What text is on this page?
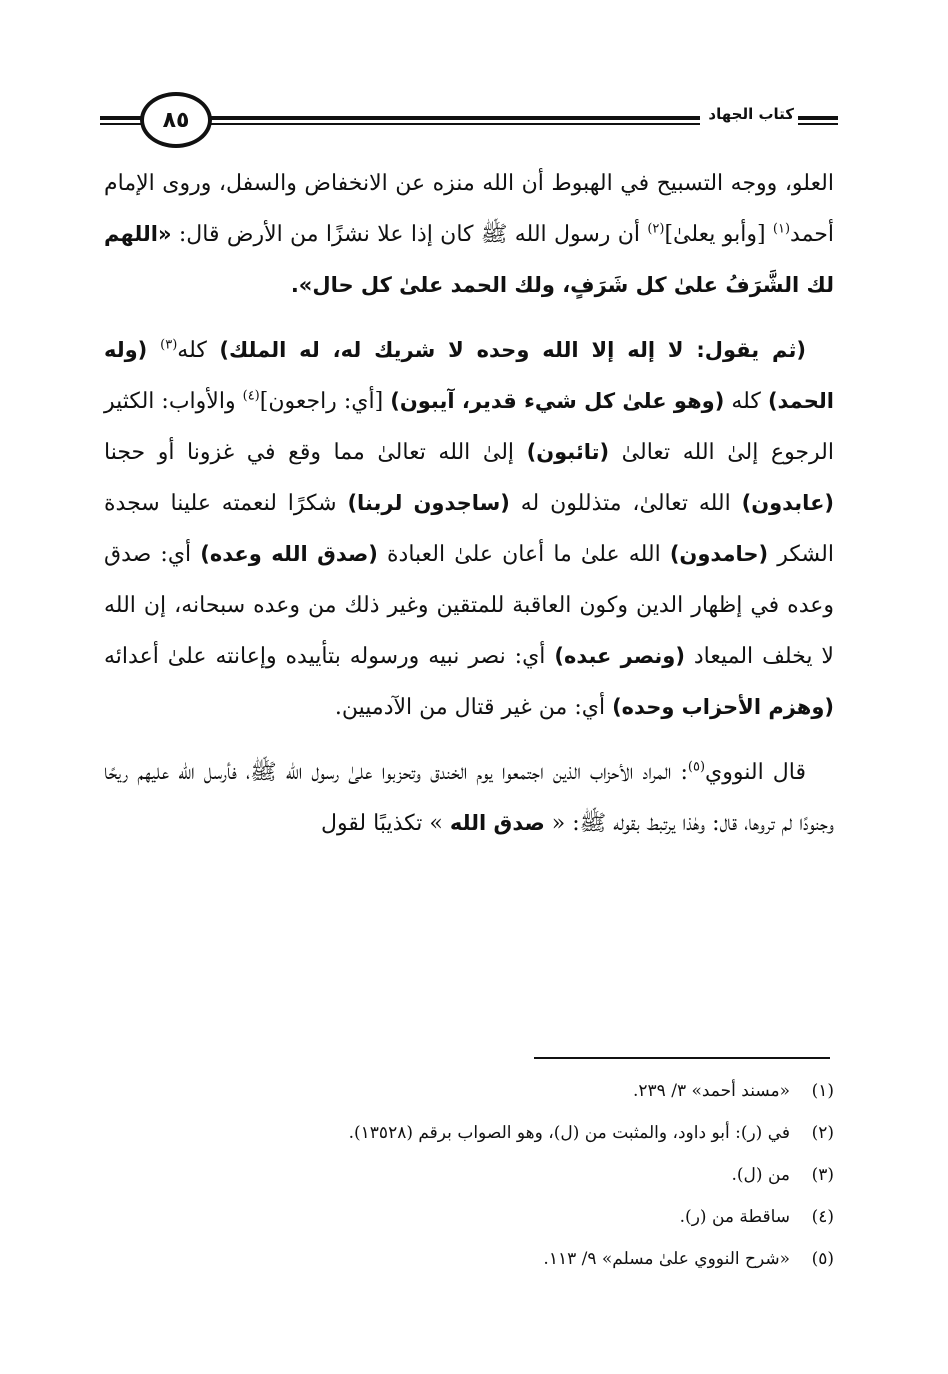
٨٥	كتاب الجهاد

العلو، ووجه التسبيح في الهبوط أن الله منزه عن الانخفاض والسفل، وروى الإمام أحمد$^{(١)}$ [وأبو يعلىٰ]$^{(٢)}$ أن رسول الله ﷺ كان إذا علا نشزًا من الأرض قال: «اللهم لك الشَّرَفُ علىٰ كل شَرَفٍ، ولك الحمد علىٰ كل حال».

(ثم يقول: لا إله إلا الله وحده لا شريك له، له الملك) كله$^{(٣)}$ (وله الحمد) كله (وهو علىٰ كل شيء قدير، آيبون) [أي: راجعون]$^{(٤)}$ والأواب: الكثير الرجوع إلىٰ الله تعالىٰ (تائبون) إلىٰ الله تعالىٰ مما وقع في غزونا أو حجنا (عابدون) الله تعالىٰ، متذللون له (ساجدون لربنا) شكرًا لنعمته علينا سجدة الشكر (حامدون) الله علىٰ ما أعان علىٰ العبادة (صدق الله وعده) أي: صدق وعده في إظهار الدين وكون العاقبة للمتقين وغير ذلك من وعده سبحانه، إن الله لا يخلف الميعاد (ونصر عبده) أي: نصر نبيه ورسوله بتأييده وإعانته علىٰ أعدائه (وهزم الأحزاب وحده) أي: من غير قتال من الآدميين.

قال النووي$^{(٥)}$: المراد الأحزاب الذين اجتمعوا يوم الخندق وتحزبوا علىٰ رسول الله ﷺ، فأرسل الله عليهم ريحًا وجنودًا لم تروها، قال: وهٰذا يرتبط بقوله ﷺ: « صدق الله » تكذيبًا لقول

(١)«مسند أحمد» ٣/ ٢٣٩.
(٢)في (ر): أبو داود، والمثبت من (ل)، وهو الصواب برقم (١٣٥٢٨).
(٣)من (ل).
(٤)ساقطة من (ر).
(٥)«شرح النووي علىٰ مسلم» ٩/ ١١٣.
